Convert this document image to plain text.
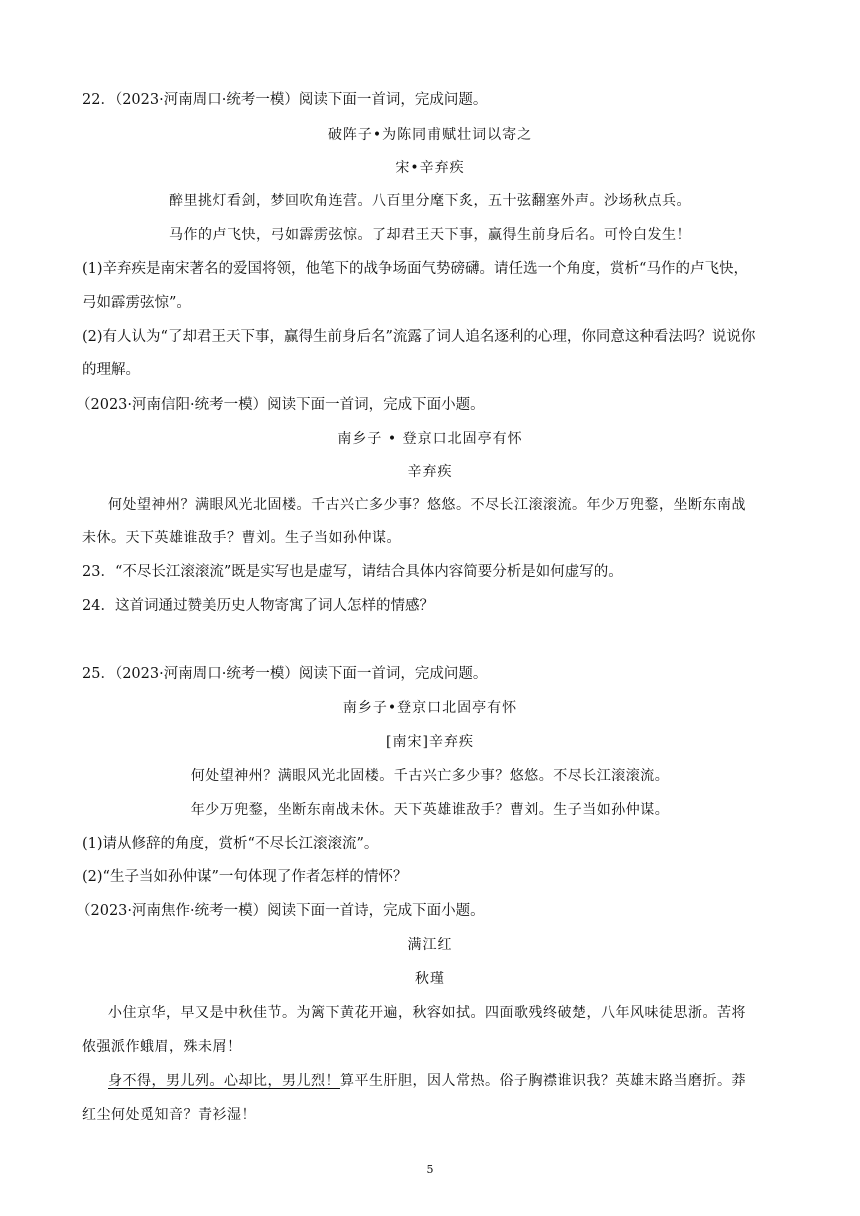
22．（2023·河南周口·统考一模）阅读下面一首词，完成问题。
破阵子•为陈同甫赋壮词以寄之
宋•辛弃疾
醉里挑灯看剑，梦回吹角连营。八百里分麾下炙，五十弦翻塞外声。沙场秋点兵。
马作的卢飞快，弓如霹雳弦惊。了却君王天下事，赢得生前身后名。可怜白发生！
(1)辛弃疾是南宋著名的爱国将领，他笔下的战争场面气势磅礴。请任选一个角度，赏析“马作的卢飞快，
弓如霹雳弦惊”。
(2)有人认为“了却君王天下事，赢得生前身后名”流露了词人追名逐利的心理，你同意这种看法吗？说说你
的理解。
（2023·河南信阳·统考一模）阅读下面一首词，完成下面小题。
南乡子 • 登京口北固亭有怀
辛弃疾
何处望神州？满眼风光北固楼。千古兴亡多少事？悠悠。不尽长江滚滚流。年少万兜鍪，坐断东南战
未休。天下英雄谁敌手？曹刘。生子当如孙仲谋。
23．“不尽长江滚滚流”既是实写也是虚写，请结合具体内容简要分析是如何虚写的。
24．这首词通过赞美历史人物寄寓了词人怎样的情感？
25．（2023·河南周口·统考一模）阅读下面一首词，完成问题。
南乡子•登京口北固亭有怀
[南宋]辛弃疾
何处望神州？满眼风光北固楼。千古兴亡多少事？悠悠。不尽长江滚滚流。
年少万兜鍪，坐断东南战未休。天下英雄谁敌手？曹刘。生子当如孙仲谋。
(1)请从修辞的角度，赏析“不尽长江滚滚流”。
(2)“生子当如孙仲谋”一句体现了作者怎样的情怀？
（2023·河南焦作·统考一模）阅读下面一首诗，完成下面小题。
满江红
秋瑾
小住京华，早又是中秋佳节。为篱下黄花开遍，秋容如拭。四面歌残终破楚，八年风味徒思浙。苦将
侬强派作蛾眉，殊未屑！
身不得，男儿列。心却比，男儿烈！算平生肝胆，因人常热。俗子胸襟谁识我？英雄末路当磨折。莽
红尘何处觅知音？青衫湿！
5
